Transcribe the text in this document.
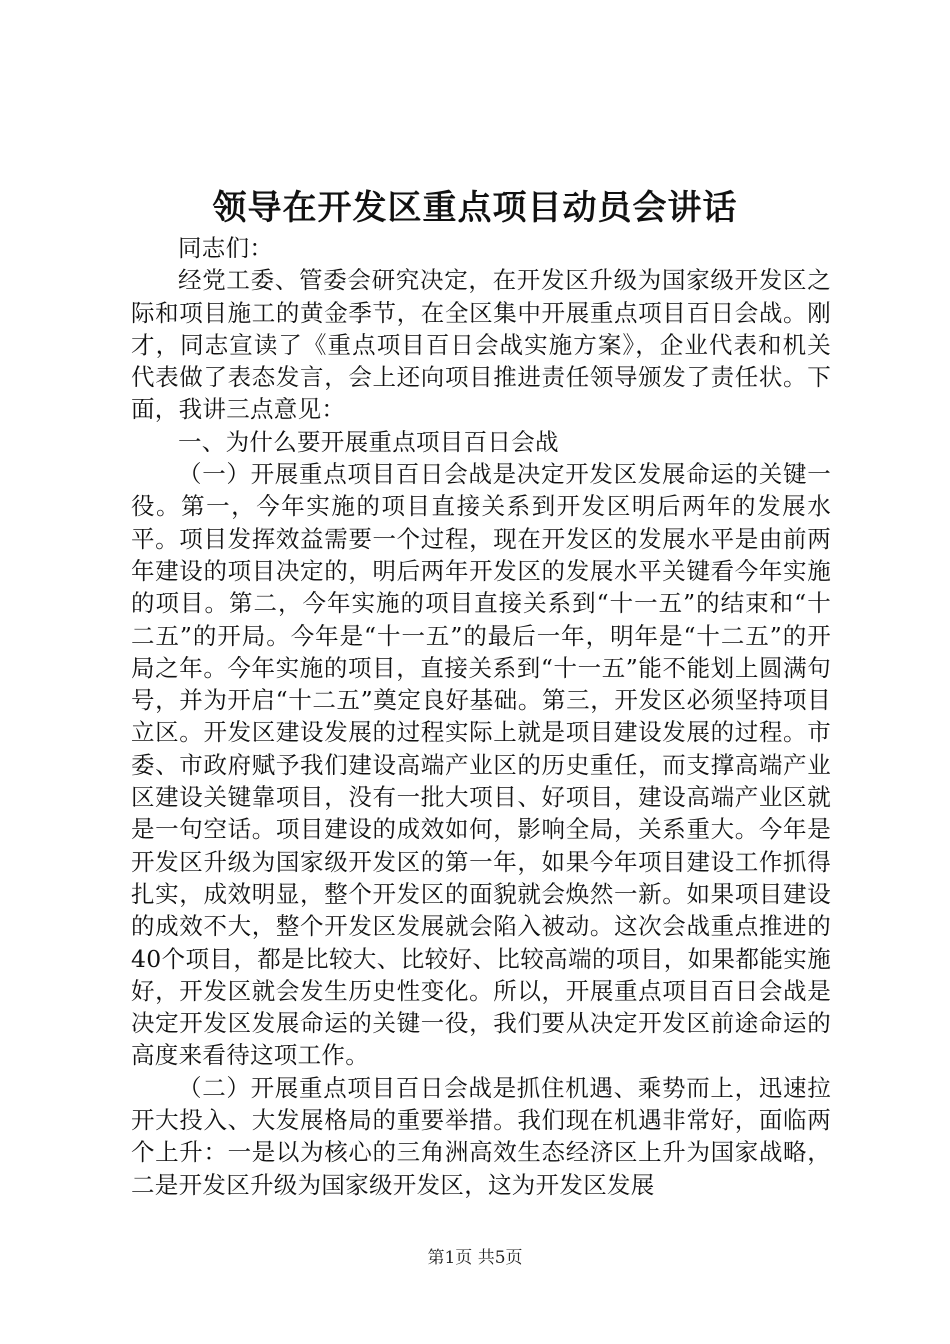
领导在开发区重点项目动员会讲话

同志们：

经党工委、管委会研究决定，在开发区升级为国家级开发区之际和项目施工的黄金季节，在全区集中开展重点项目百日会战。刚才，同志宣读了《重点项目百日会战实施方案》，企业代表和机关代表做了表态发言，会上还向项目推进责任领导颁发了责任状。下面，我讲三点意见：

一、为什么要开展重点项目百日会战

（一）开展重点项目百日会战是决定开发区发展命运的关键一役。第一，今年实施的项目直接关系到开发区明后两年的发展水平。项目发挥效益需要一个过程，现在开发区的发展水平是由前两年建设的项目决定的，明后两年开发区的发展水平关键看今年实施的项目。第二，今年实施的项目直接关系到“十一五”的结束和“十二五”的开局。今年是“十一五”的最后一年，明年是“十二五”的开局之年。今年实施的项目，直接关系到“十一五”能不能划上圆满句号，并为开启“十二五”奠定良好基础。第三，开发区必须坚持项目立区。开发区建设发展的过程实际上就是项目建设发展的过程。市委、市政府赋予我们建设高端产业区的历史重任，而支撑高端产业区建设关键靠项目，没有一批大项目、好项目，建设高端产业区就是一句空话。项目建设的成效如何，影响全局，关系重大。今年是开发区升级为国家级开发区的第一年，如果今年项目建设工作抓得扎实，成效明显，整个开发区的面貌就会焕然一新。如果项目建设的成效不大，整个开发区发展就会陷入被动。这次会战重点推进的40个项目，都是比较大、比较好、比较高端的项目，如果都能实施好，开发区就会发生历史性变化。所以，开展重点项目百日会战是决定开发区发展命运的关键一役，我们要从决定开发区前途命运的高度来看待这项工作。

（二）开展重点项目百日会战是抓住机遇、乘势而上，迅速拉开大投入、大发展格局的重要举措。我们现在机遇非常好，面临两个上升：一是以为核心的三角洲高效生态经济区上升为国家战略，二是开发区升级为国家级开发区，这为开发区发展

第1页 共5页
